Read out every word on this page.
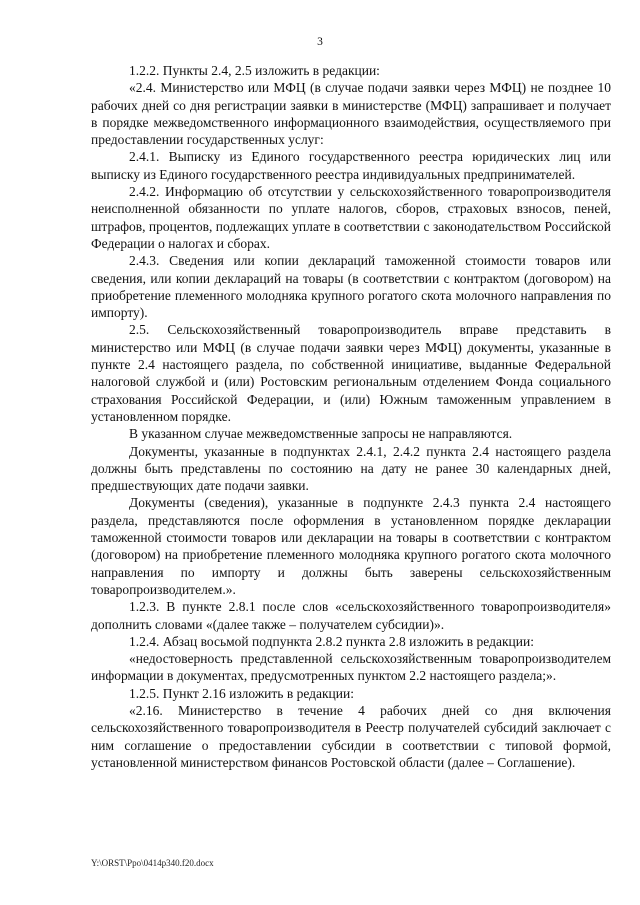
3

1.2.2. Пункты 2.4, 2.5 изложить в редакции:

«2.4. Министерство или МФЦ (в случае подачи заявки через МФЦ) не позднее 10 рабочих дней со дня регистрации заявки в министерстве (МФЦ) запрашивает и получает в порядке межведомственного информационного взаимодействия, осуществляемого при предоставлении государственных услуг:

2.4.1. Выписку из Единого государственного реестра юридических лиц или выписку из Единого государственного реестра индивидуальных предпринимателей.

2.4.2. Информацию об отсутствии у сельскохозяйственного товаропроизводителя неисполненной обязанности по уплате налогов, сборов, страховых взносов, пеней, штрафов, процентов, подлежащих уплате в соответствии с законодательством Российской Федерации о налогах и сборах.

2.4.3. Сведения или копии деклараций таможенной стоимости товаров или сведения, или копии деклараций на товары (в соответствии с контрактом (договором) на приобретение племенного молодняка крупного рогатого скота молочного направления по импорту).

2.5. Сельскохозяйственный товаропроизводитель вправе представить в министерство или МФЦ (в случае подачи заявки через МФЦ) документы, указанные в пункте 2.4 настоящего раздела, по собственной инициативе, выданные Федеральной налоговой службой и (или) Ростовским региональным отделением Фонда социального страхования Российской Федерации, и (или) Южным таможенным управлением в установленном порядке.

В указанном случае межведомственные запросы не направляются.

Документы, указанные в подпунктах 2.4.1, 2.4.2 пункта 2.4 настоящего раздела должны быть представлены по состоянию на дату не ранее 30 календарных дней, предшествующих дате подачи заявки.

Документы (сведения), указанные в подпункте 2.4.3 пункта 2.4 настоящего раздела, представляются после оформления в установленном порядке декларации таможенной стоимости товаров или декларации на товары в соответствии с контрактом (договором) на приобретение племенного молодняка крупного рогатого скота молочного направления по импорту и должны быть заверены сельскохозяйственным товаропроизводителем.».

1.2.3. В пункте 2.8.1 после слов «сельскохозяйственного товаропроизводителя» дополнить словами «(далее также – получателем субсидии)».

1.2.4. Абзац восьмой подпункта 2.8.2 пункта 2.8 изложить в редакции:

«недостоверность представленной сельскохозяйственным товаропроизводителем информации в документах, предусмотренных пунктом 2.2 настоящего раздела;».

1.2.5. Пункт 2.16 изложить в редакции:

«2.16. Министерство в течение 4 рабочих дней со дня включения сельскохозяйственного товаропроизводителя в Реестр получателей субсидий заключает с ним соглашение о предоставлении субсидии в соответствии с типовой формой, установленной министерством финансов Ростовской области (далее – Соглашение).

Y:\ORST\Ppo\0414p340.f20.docx
